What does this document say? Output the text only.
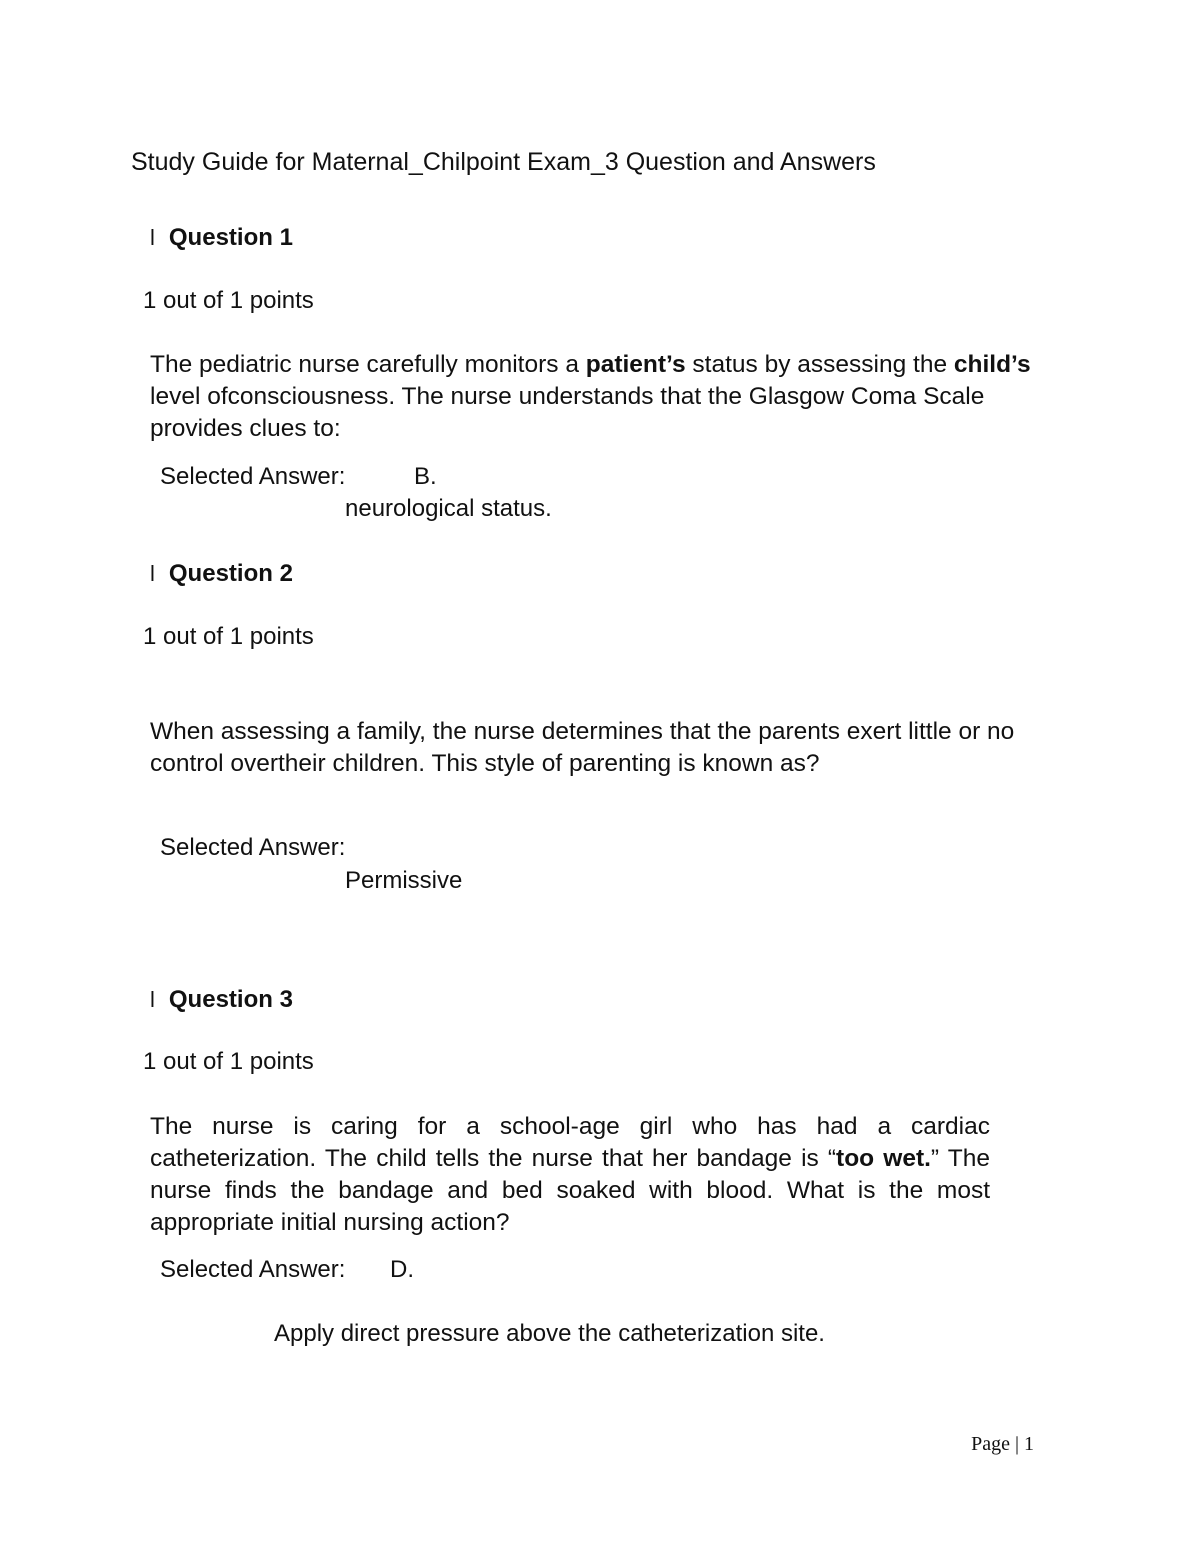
Study Guide for Maternal_Chilpoint Exam_3 Question and Answers
l Question 1
1 out of 1 points
The pediatric nurse carefully monitors a patient’s status by assessing the child’s level ofconsciousness. The nurse understands that the Glasgow Coma Scale provides clues to:
Selected Answer:	B.
neurological status.
l Question 2
1 out of 1 points
When assessing a family, the nurse determines that the parents exert little or no control overtheir children. This style of parenting is known as?
Selected Answer:
Permissive
l Question 3
1 out of 1 points
The nurse is caring for a school-age girl who has had a cardiac catheterization. The child tells the nurse that her bandage is “too wet.” The nurse finds the bandage and bed soaked with blood. What is the most appropriate initial nursing action?
Selected Answer: D.
Apply direct pressure above the catheterization site.
Page | 1
